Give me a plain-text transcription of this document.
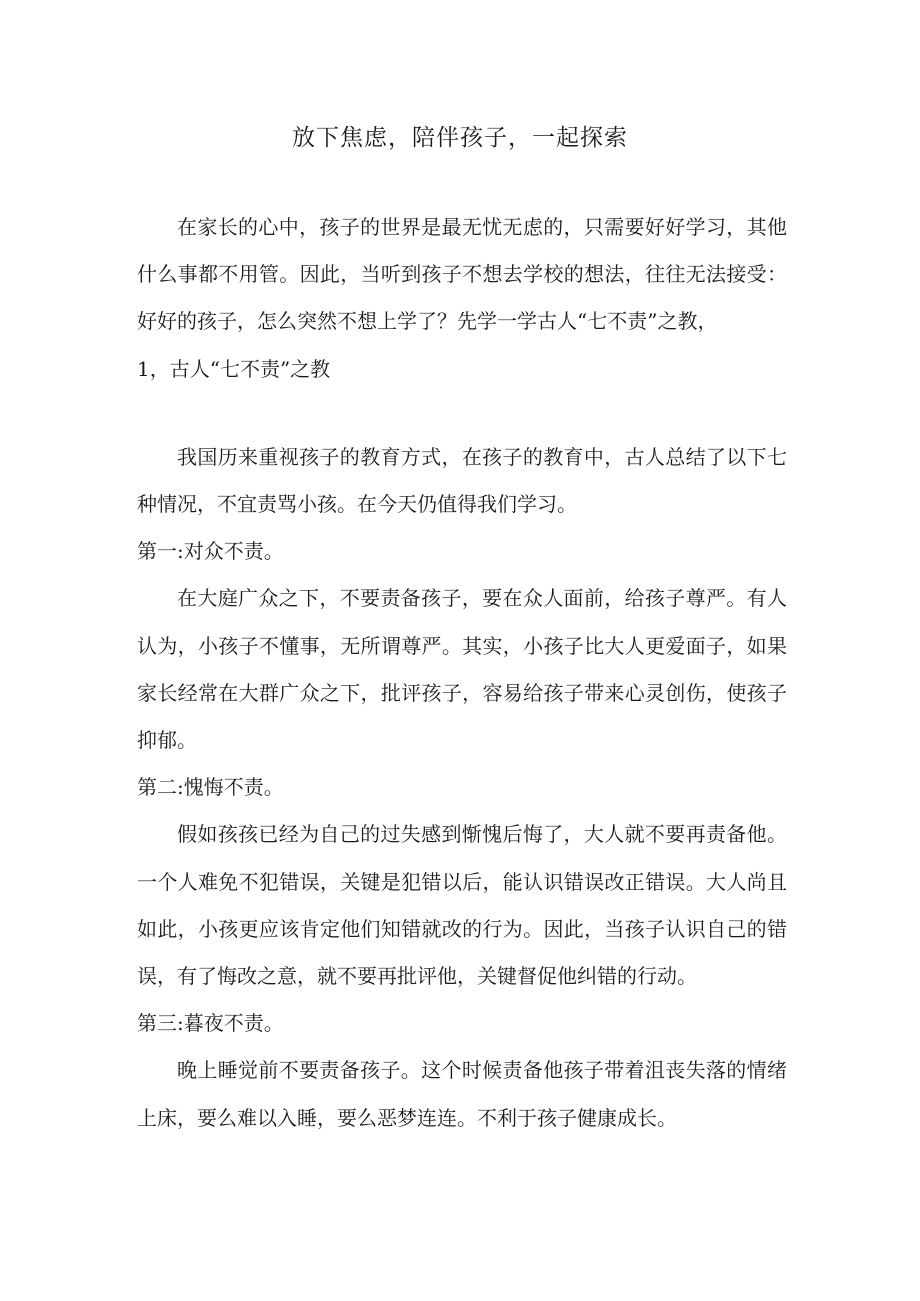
放下焦虑，陪伴孩子，一起探索

在家长的心中，孩子的世界是最无忧无虑的，只需要好好学习，其他什么事都不用管。因此，当听到孩子不想去学校的想法，往往无法接受：好好的孩子，怎么突然不想上学了？先学一学古人“七不责”之教，

1，古人“七不责”之教

我国历来重视孩子的教育方式，在孩子的教育中，古人总结了以下七种情况，不宜责骂小孩。在今天仍值得我们学习。

第一:对众不责。

在大庭广众之下，不要责备孩子，要在众人面前，给孩子尊严。有人认为，小孩子不懂事，无所谓尊严。其实，小孩子比大人更爱面子，如果家长经常在大群广众之下，批评孩子，容易给孩子带来心灵创伤，使孩子抑郁。

第二:愧悔不责。

假如孩孩已经为自己的过失感到惭愧后悔了，大人就不要再责备他。一个人难免不犯错误，关键是犯错以后，能认识错误改正错误。大人尚且如此，小孩更应该肯定他们知错就改的行为。因此，当孩子认识自己的错误，有了悔改之意，就不要再批评他，关键督促他纠错的行动。

第三:暮夜不责。

晚上睡觉前不要责备孩子。这个时候责备他孩子带着沮丧失落的情绪上床，要么难以入睡，要么恶梦连连。不利于孩子健康成长。
